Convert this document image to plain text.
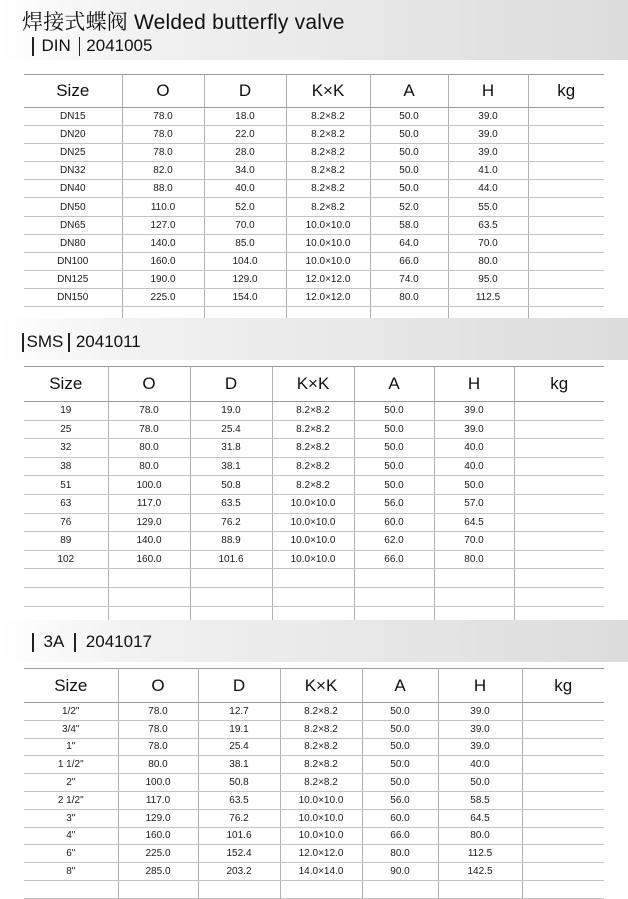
焊接式蝶阀 Welded butterfly valve
DIN 2041005
Size	O	D	K×K	A	H	kg
DN15	78.0	18.0	8.2×8.2	50.0	39.0	
DN20	78.0	22.0	8.2×8.2	50.0	39.0	
DN25	78.0	28.0	8.2×8.2	50.0	39.0	
DN32	82.0	34.0	8.2×8.2	50.0	41.0	
DN40	88.0	40.0	8.2×8.2	50.0	44.0	
DN50	110.0	52.0	8.2×8.2	52.0	55.0	
DN65	127.0	70.0	10.0×10.0	58.0	63.5	
DN80	140.0	85.0	10.0×10.0	64.0	70.0	
DN100	160.0	104.0	10.0×10.0	66.0	80.0	
DN125	190.0	129.0	12.0×12.0	74.0	95.0	
DN150	225.0	154.0	12.0×12.0	80.0	112.5	

SMS 2041011
Size	O	D	K×K	A	H	kg
19	78.0	19.0	8.2×8.2	50.0	39.0	
25	78.0	25.4	8.2×8.2	50.0	39.0	
32	80.0	31.8	8.2×8.2	50.0	40.0	
38	80.0	38.1	8.2×8.2	50.0	40.0	
51	100.0	50.8	8.2×8.2	50.0	50.0	
63	117.0	63.5	10.0×10.0	56.0	57.0	
76	129.0	76.2	10.0×10.0	60.0	64.5	
89	140.0	88.9	10.0×10.0	62.0	70.0	
102	160.0	101.6	10.0×10.0	66.0	80.0	

3A 2041017
Size	O	D	K×K	A	H	kg
1/2"	78.0	12.7	8.2×8.2	50.0	39.0	
3/4"	78.0	19.1	8.2×8.2	50.0	39.0	
1"	78.0	25.4	8.2×8.2	50.0	39.0	
1 1/2"	80.0	38.1	8.2×8.2	50.0	40.0	
2"	100.0	50.8	8.2×8.2	50.0	50.0	
2 1/2"	117.0	63.5	10.0×10.0	56.0	58.5	
3"	129.0	76.2	10.0×10.0	60.0	64.5	
4"	160.0	101.6	10.0×10.0	66.0	80.0	
6"	225.0	152.4	12.0×12.0	80.0	112.5	
8"	285.0	203.2	14.0×14.0	90.0	142.5	
